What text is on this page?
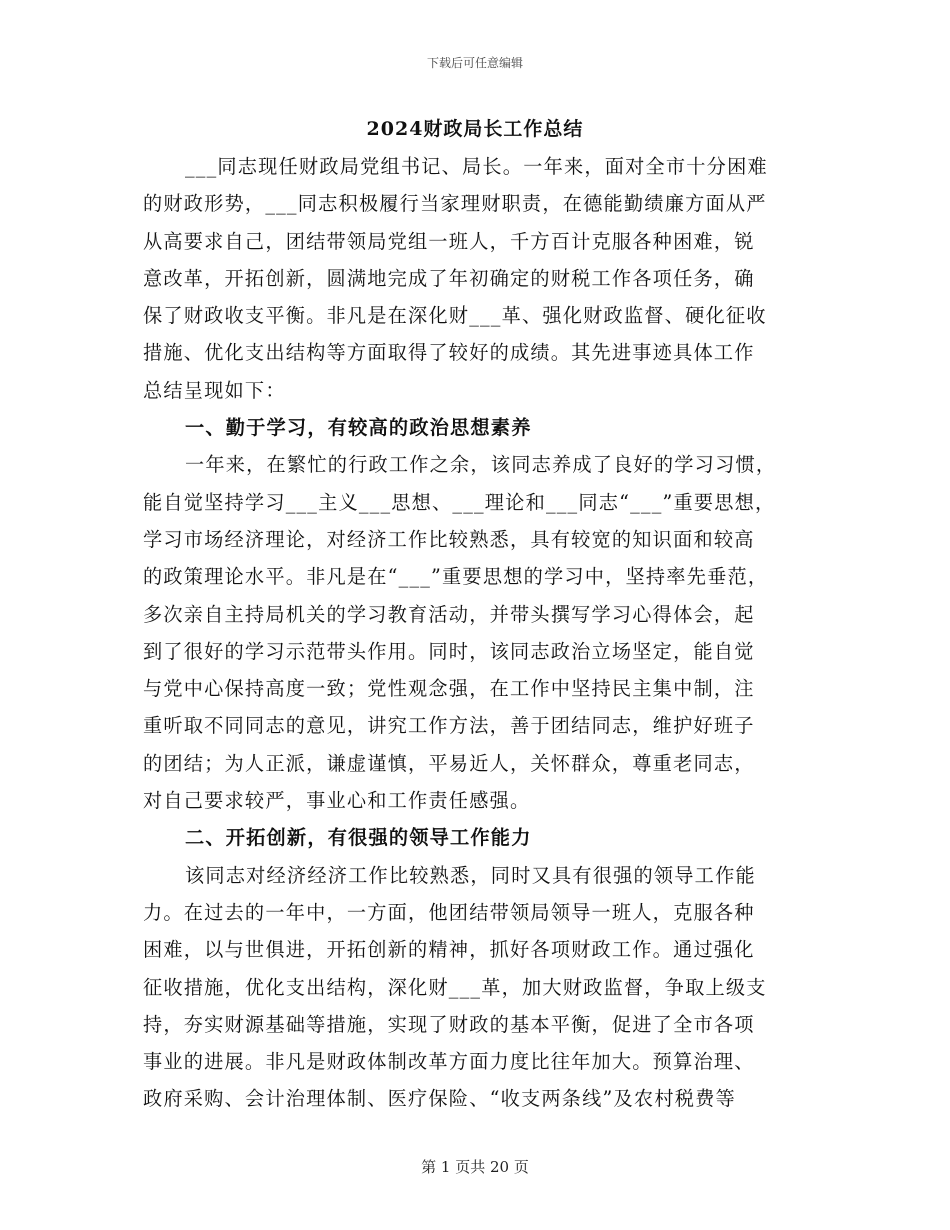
下载后可任意编辑
2024财政局长工作总结
___同志现任财政局党组书记、局长。一年来，面对全市十分困难
的财政形势，___同志积极履行当家理财职责，在德能勤绩廉方面从严
从高要求自己，团结带领局党组一班人，千方百计克服各种困难，锐
意改革，开拓创新，圆满地完成了年初确定的财税工作各项任务，确
保了财政收支平衡。非凡是在深化财___革、强化财政监督、硬化征收
措施、优化支出结构等方面取得了较好的成绩。其先进事迹具体工作
总结呈现如下：
一、勤于学习，有较高的政治思想素养
一年来，在繁忙的行政工作之余，该同志养成了良好的学习习惯，
能自觉坚持学习___主义___思想、___理论和___同志“___”重要思想，
学习市场经济理论，对经济工作比较熟悉，具有较宽的知识面和较高
的政策理论水平。非凡是在“___”重要思想的学习中，坚持率先垂范，
多次亲自主持局机关的学习教育活动，并带头撰写学习心得体会，起
到了很好的学习示范带头作用。同时，该同志政治立场坚定，能自觉
与党中心保持高度一致；党性观念强，在工作中坚持民主集中制，注
重听取不同同志的意见，讲究工作方法，善于团结同志，维护好班子
的团结；为人正派，谦虚谨慎，平易近人，关怀群众，尊重老同志，
对自己要求较严，事业心和工作责任感强。
二、开拓创新，有很强的领导工作能力
该同志对经济经济工作比较熟悉，同时又具有很强的领导工作能
力。在过去的一年中，一方面，他团结带领局领导一班人，克服各种
困难，以与世俱进，开拓创新的精神，抓好各项财政工作。通过强化
征收措施，优化支出结构，深化财___革，加大财政监督，争取上级支
持，夯实财源基础等措施，实现了财政的基本平衡，促进了全市各项
事业的进展。非凡是财政体制改革方面力度比往年加大。预算治理、
政府采购、会计治理体制、医疗保险、“收支两条线”及农村税费等
第 1 页共 20 页
